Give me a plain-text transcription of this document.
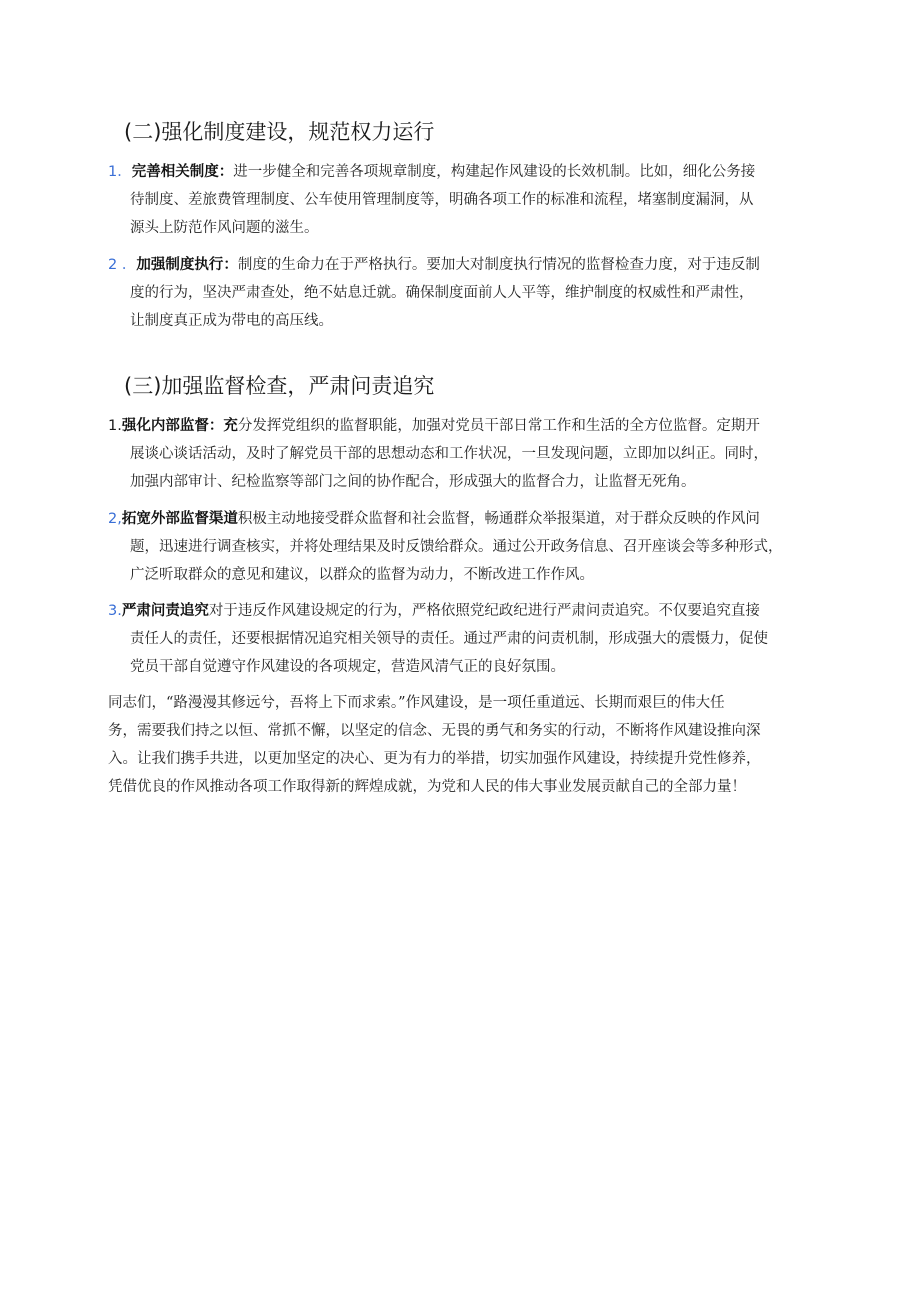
(二)强化制度建设，规范权力运行
1．完善相关制度：进一步健全和完善各项规章制度，构建起作风建设的长效机制。比如，细化公务接
待制度、差旅费管理制度、公车使用管理制度等，明确各项工作的标准和流程，堵塞制度漏洞，从
源头上防范作风问题的滋生。
2 ．加强制度执行：制度的生命力在于严格执行。要加大对制度执行情况的监督检查力度，对于违反制
度的行为，坚决严肃查处，绝不姑息迁就。确保制度面前人人平等，维护制度的权威性和严肃性，
让制度真正成为带电的高压线。
(三)加强监督检查，严肃问责追究
1.强化内部监督：充分发挥党组织的监督职能，加强对党员干部日常工作和生活的全方位监督。定期开
展谈心谈话活动，及时了解党员干部的思想动态和工作状况，一旦发现问题，立即加以纠正。同时，
加强内部审计、纪检监察等部门之间的协作配合，形成强大的监督合力，让监督无死角。
2,拓宽外部监督渠道积极主动地接受群众监督和社会监督，畅通群众举报渠道，对于群众反映的作风问
题，迅速进行调查核实，并将处理结果及时反馈给群众。通过公开政务信息、召开座谈会等多种形式，
广泛听取群众的意见和建议，以群众的监督为动力，不断改进工作作风。
3.严肃问责追究对于违反作风建设规定的行为，严格依照党纪政纪进行严肃问责追究。不仅要追究直接
责任人的责任，还要根据情况追究相关领导的责任。通过严肃的问责机制，形成强大的震慑力，促使
党员干部自觉遵守作风建设的各项规定，营造风清气正的良好氛围。
同志们，“路漫漫其修远兮，吾将上下而求索。”作风建设，是一项任重道远、长期而艰巨的伟大任
务，需要我们持之以恒、常抓不懈，以坚定的信念、无畏的勇气和务实的行动，不断将作风建设推向深
入。让我们携手共进，以更加坚定的决心、更为有力的举措，切实加强作风建设，持续提升党性修养，
凭借优良的作风推动各项工作取得新的辉煌成就，为党和人民的伟大事业发展贡献自己的全部力量！
